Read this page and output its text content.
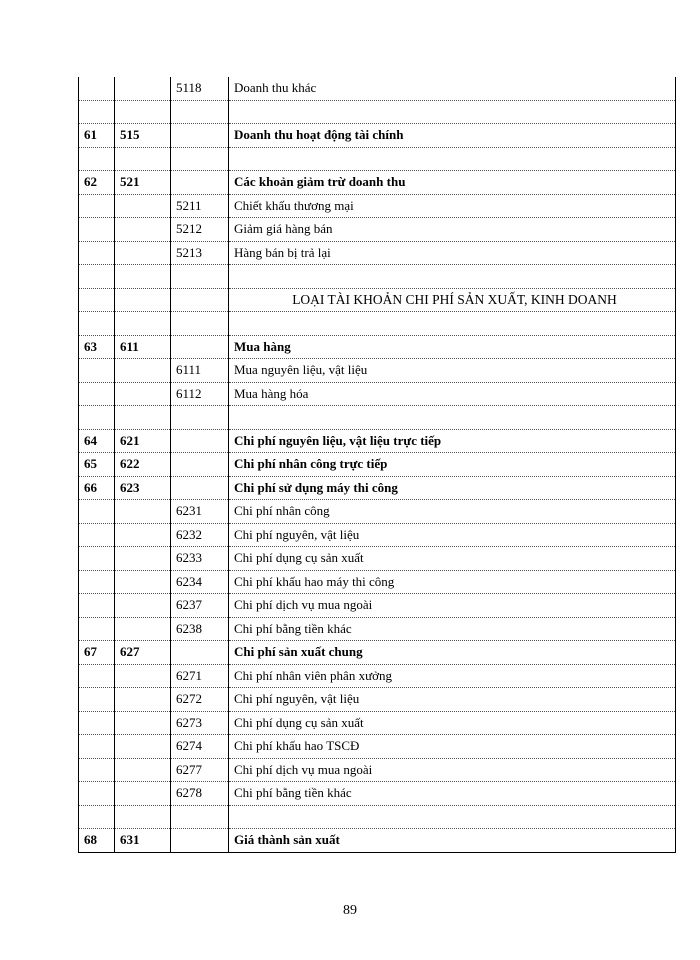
		5118	Doanh thu khác

61	515		Doanh thu hoạt động tài chính

62	521		Các khoản giảm trừ doanh thu
		5211	Chiết khấu thương mại
		5212	Giảm giá hàng bán
		5213	Hàng bán bị trả lại

			LOẠI TÀI KHOẢN CHI PHÍ SẢN XUẤT, KINH DOANH

63	611		Mua hàng
		6111	Mua nguyên liệu, vật liệu
		6112	Mua hàng hóa

64	621		Chi phí nguyên liệu, vật liệu trực tiếp
65	622		Chi phí nhân công trực tiếp
66	623		Chi phí sử dụng máy thi công
		6231	Chi phí nhân công
		6232	Chi phí nguyên, vật liệu
		6233	Chi phí dụng cụ sản xuất
		6234	Chi phí khấu hao máy thi công
		6237	Chi phí dịch vụ mua ngoài
		6238	Chi phí bằng tiền khác
67	627		Chi phí sản xuất chung
		6271	Chi phí nhân viên phân xưởng
		6272	Chi phí nguyên, vật liệu
		6273	Chi phí dụng cụ sản xuất
		6274	Chi phí khấu hao TSCĐ
		6277	Chi phí dịch vụ mua ngoài
		6278	Chi phí bằng tiền khác

68	631		Giá thành sản xuất
89
